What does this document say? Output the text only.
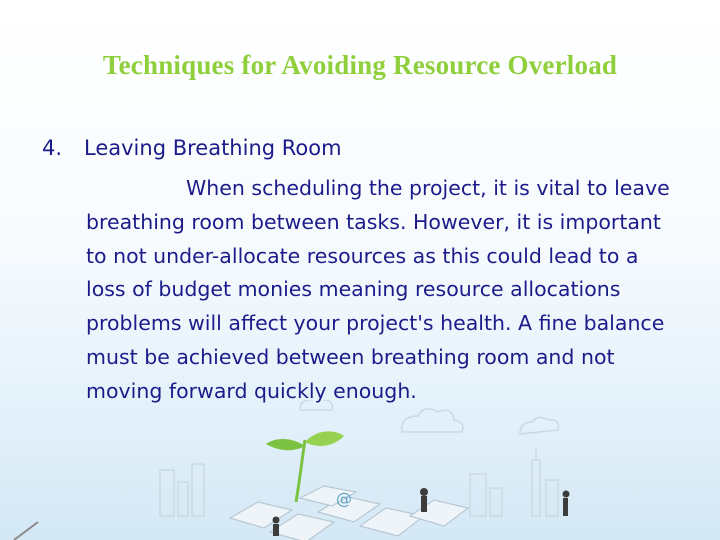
Techniques for Avoiding Resource Overload
4. Leaving Breathing Room
When scheduling the project, it is vital to leave breathing room between tasks. However, it is important to not under-allocate resources as this could lead to a loss of budget monies meaning resource allocations problems will affect your project's health. A fine balance must be achieved between breathing room and not moving forward quickly enough.
@
